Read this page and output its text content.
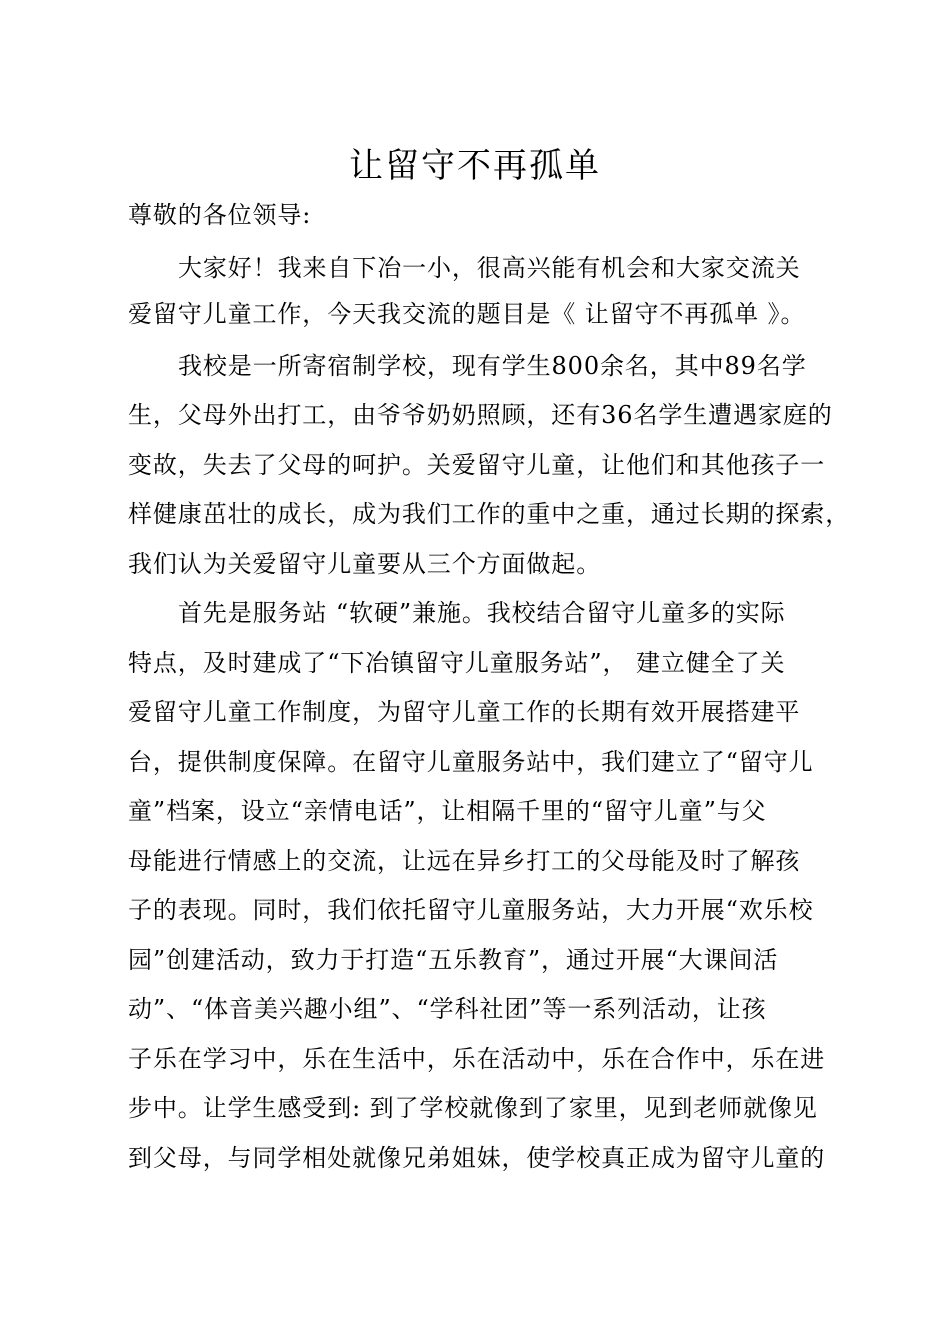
让留守不再孤单
尊敬的各位领导:
大家好！我来自下冶一小，很高兴能有机会和大家交流关
爱留守儿童工作，今天我交流的题目是《 让留守不再孤单 》。
我校是一所寄宿制学校，现有学生800余名，其中89名学
生，父母外出打工，由爷爷奶奶照顾，还有36名学生遭遇家庭的
变故，失去了父母的呵护。关爱留守儿童，让他们和其他孩子一
样健康茁壮的成长，成为我们工作的重中之重，通过长期的探索，
我们认为关爱留守儿童要从三个方面做起。
首先是服务站 “软硬”兼施。我校结合留守儿童多的实际
特点，及时建成了“下冶镇留守儿童服务站”， 建立健全了关
爱留守儿童工作制度，为留守儿童工作的长期有效开展搭建平
台，提供制度保障。在留守儿童服务站中，我们建立了“留守儿
童”档案，设立“亲情电话”，让相隔千里的“留守儿童”与父
母能进行情感上的交流，让远在异乡打工的父母能及时了解孩
子的表现。同时，我们依托留守儿童服务站，大力开展“欢乐校
园”创建活动，致力于打造“五乐教育”，通过开展“大课间活
动”、“体音美兴趣小组”、“学科社团”等一系列活动，让孩
子乐在学习中，乐在生活中，乐在活动中，乐在合作中，乐在进
步中。让学生感受到: 到了学校就像到了家里，见到老师就像见
到父母，与同学相处就像兄弟姐妹，使学校真正成为留守儿童的
